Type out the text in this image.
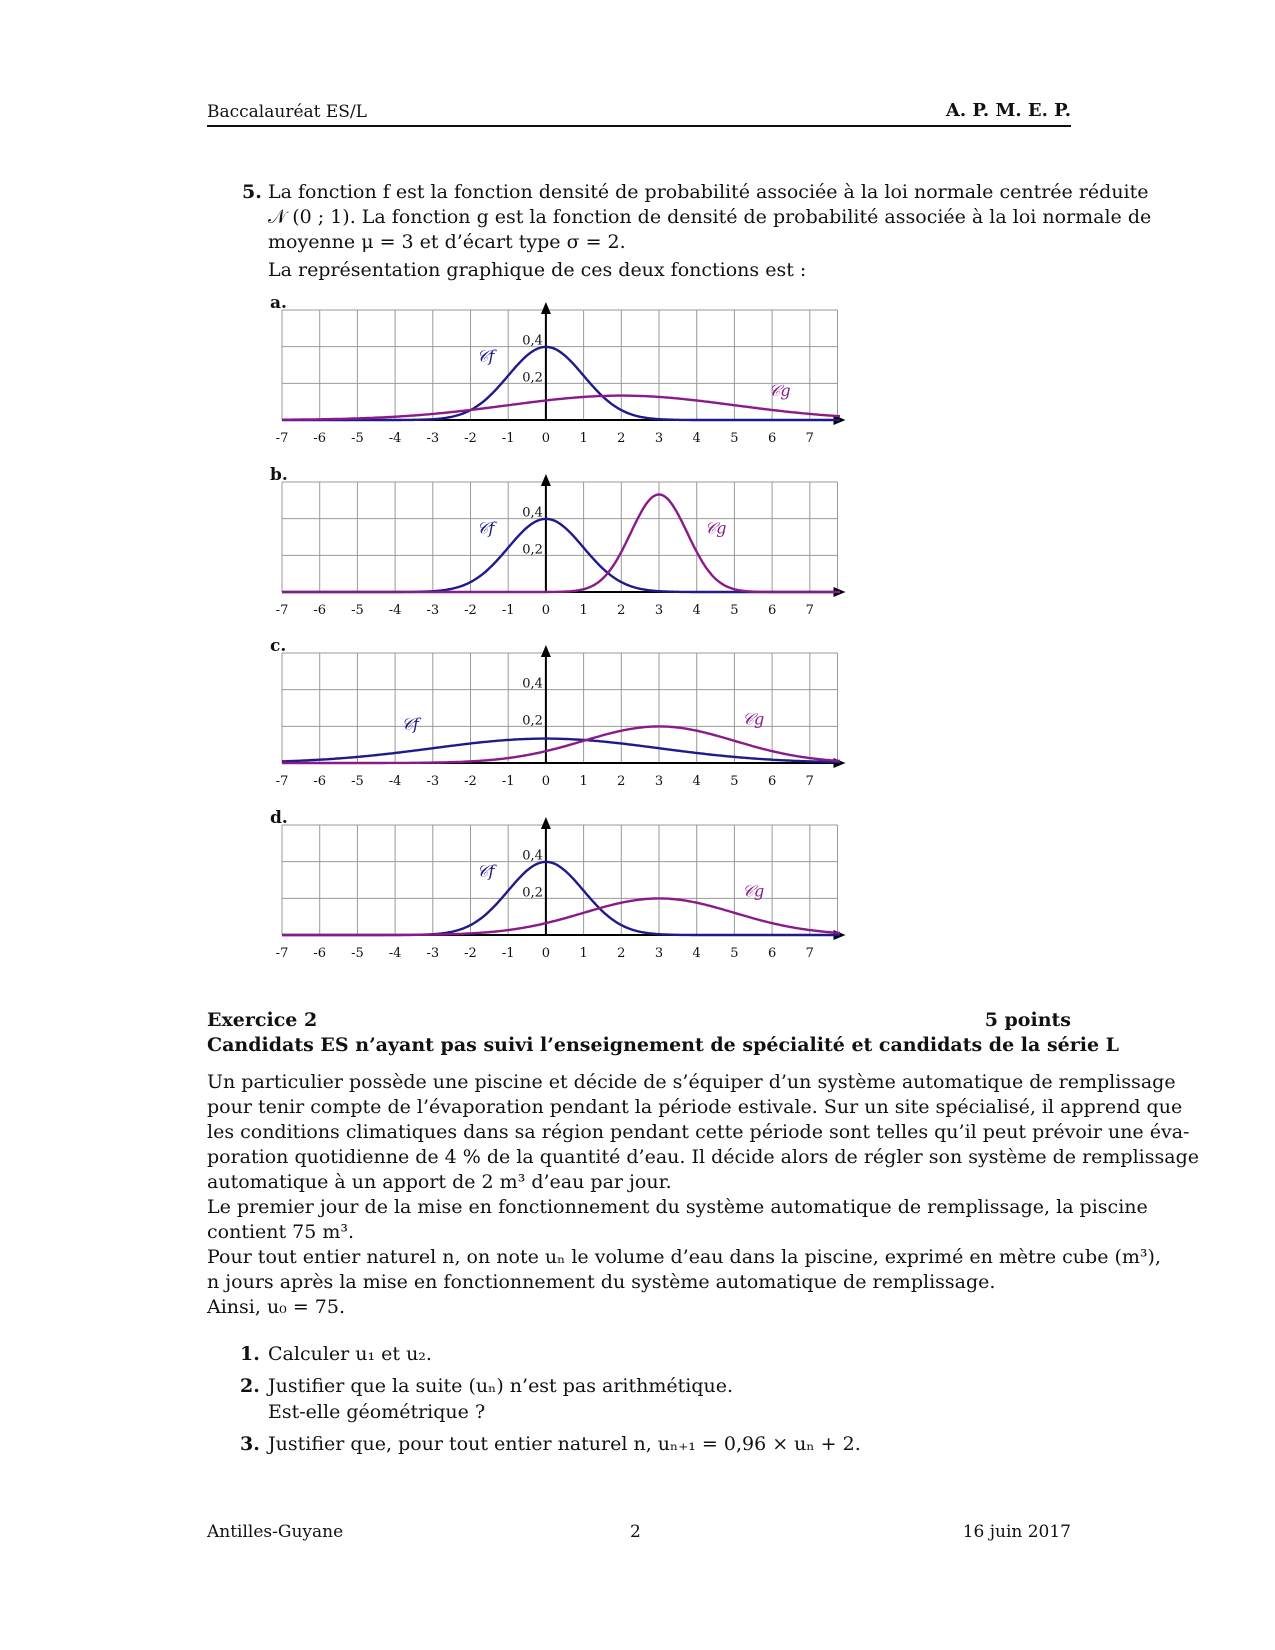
Baccalauréat ES/L	A. P. M. E. P.
5. La fonction f est la fonction densité de probabilité associée à la loi normale centrée réduite
𝒩 (0 ; 1). La fonction g est la fonction de densité de probabilité associée à la loi normale de
moyenne μ = 3 et d’écart type σ = 2.
La représentation graphique de ces deux fonctions est :
a.
-7 -6 -5 -4 -3 -2 -1 0 1 2 3 4 5 6 7
0,2
0,4
𝒞f
𝒞g
b.
-7 -6 -5 -4 -3 -2 -1 0 1 2 3 4 5 6 7
0,2
0,4
𝒞f	𝒞g
c.
-7 -6 -5 -4 -3 -2 -1 0 1 2 3 4 5 6 7
0,2
0,4
𝒞f	𝒞g
d.
-7 -6 -5 -4 -3 -2 -1 0 1 2 3 4 5 6 7
0,2
0,4
𝒞f
𝒞g
Exercice 2	5 points
Candidats ES n’ayant pas suivi l’enseignement de spécialité et candidats de la série L
Un particulier possède une piscine et décide de s’équiper d’un système automatique de remplissage
pour tenir compte de l’évaporation pendant la période estivale. Sur un site spécialisé, il apprend que
les conditions climatiques dans sa région pendant cette période sont telles qu’il peut prévoir une éva-
poration quotidienne de 4 % de la quantité d’eau. Il décide alors de régler son système de remplissage
automatique à un apport de 2 m³ d’eau par jour.
Le premier jour de la mise en fonctionnement du système automatique de remplissage, la piscine
contient 75 m³.
Pour tout entier naturel n, on note uₙ le volume d’eau dans la piscine, exprimé en mètre cube (m³),
n jours après la mise en fonctionnement du système automatique de remplissage.
Ainsi, u₀ = 75.
1. Calculer u₁ et u₂.
2. Justifier que la suite (uₙ) n’est pas arithmétique.
Est-elle géométrique ?
3. Justifier que, pour tout entier naturel n, uₙ₊₁ = 0,96 × uₙ + 2.
Antilles-Guyane	2	16 juin 2017
